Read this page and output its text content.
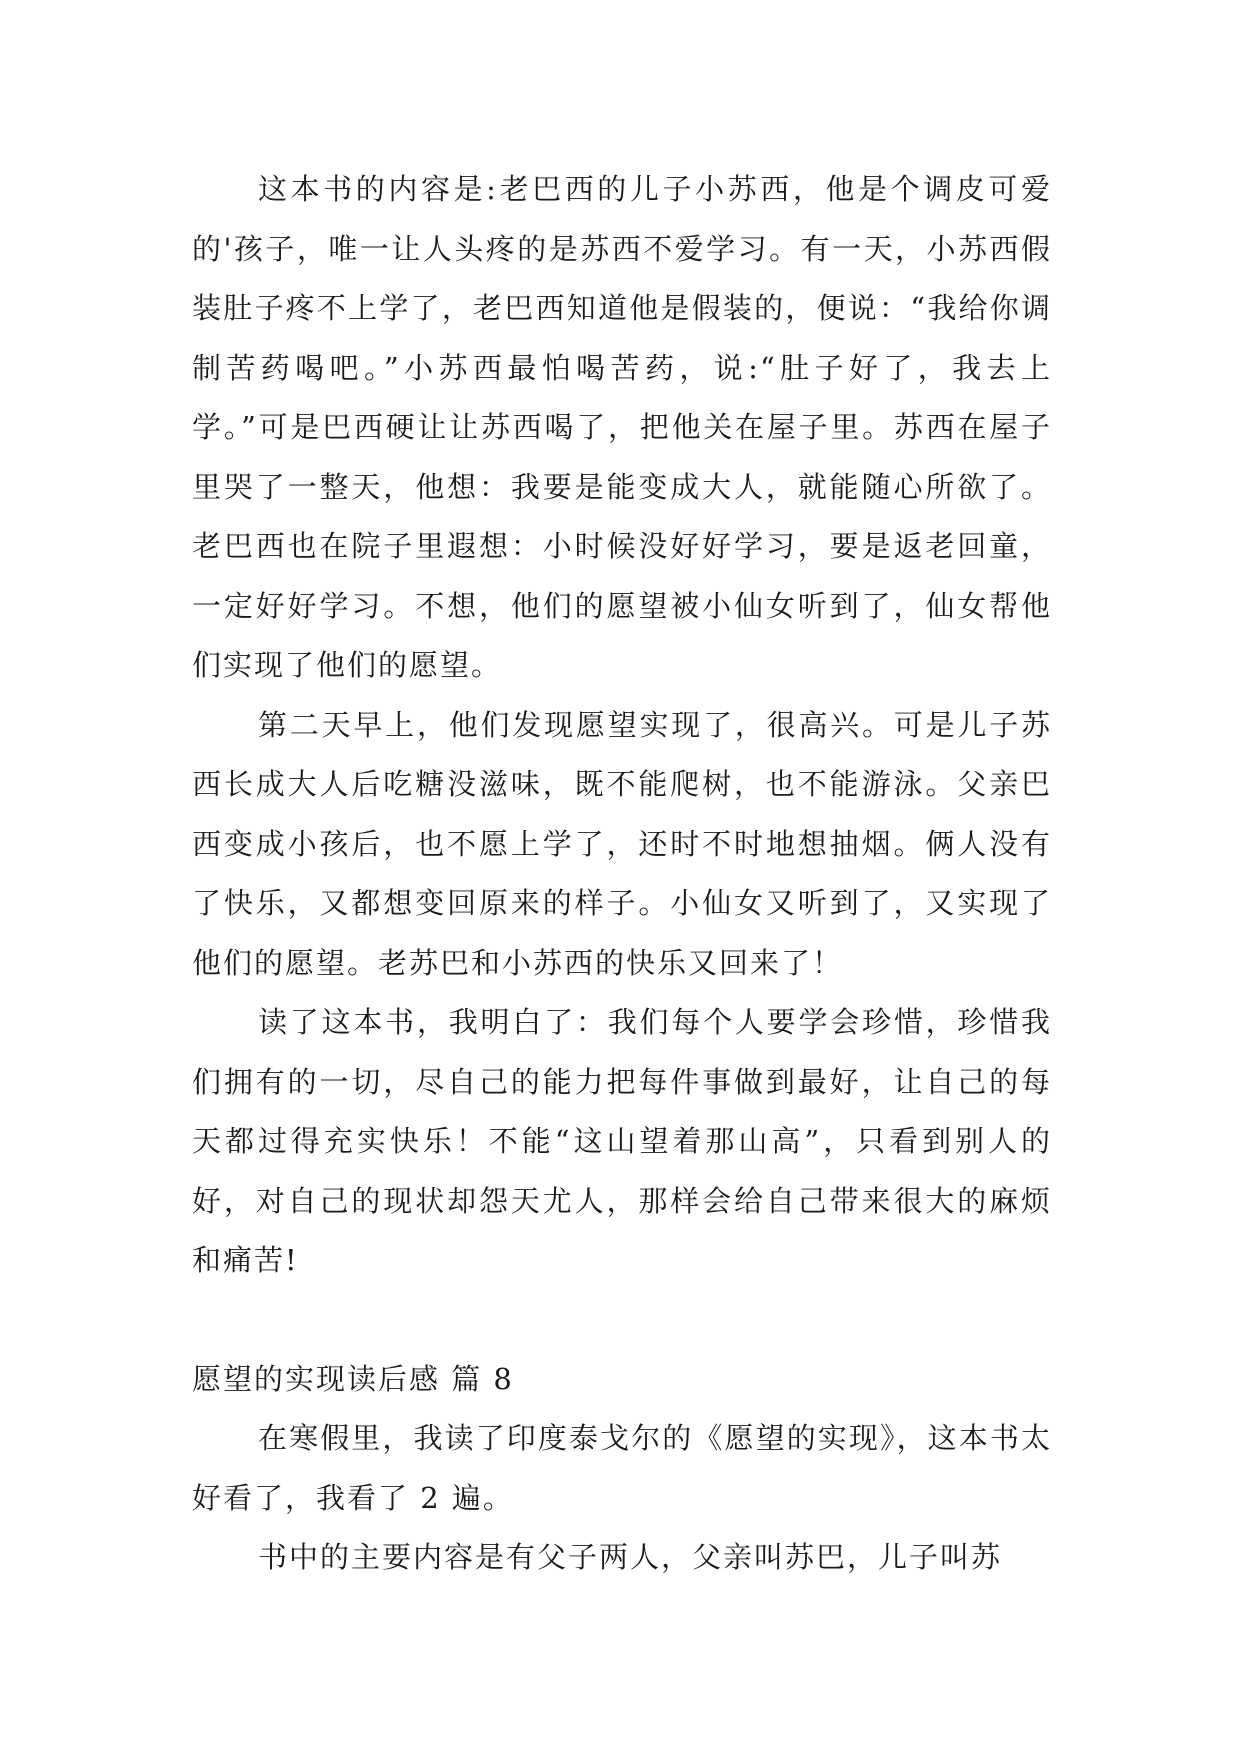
这本书的内容是:老巴西的儿子小苏西，他是个调皮可爱的'孩子，唯一让人头疼的是苏西不爱学习。有一天，小苏西假装肚子疼不上学了，老巴西知道他是假装的，便说：“我给你调制苦药喝吧。”小苏西最怕喝苦药，说:“肚子好了，我去上学。”可是巴西硬让让苏西喝了，把他关在屋子里。苏西在屋子里哭了一整天，他想：我要是能变成大人，就能随心所欲了。老巴西也在院子里遐想：小时候没好好学习，要是返老回童，一定好好学习。不想，他们的愿望被小仙女听到了，仙女帮他们实现了他们的愿望。

第二天早上，他们发现愿望实现了，很高兴。可是儿子苏西长成大人后吃糖没滋味，既不能爬树，也不能游泳。父亲巴西变成小孩后，也不愿上学了，还时不时地想抽烟。俩人没有了快乐，又都想变回原来的样子。小仙女又听到了，又实现了他们的愿望。老苏巴和小苏西的快乐又回来了！

读了这本书，我明白了：我们每个人要学会珍惜，珍惜我们拥有的一切，尽自己的能力把每件事做到最好，让自己的每天都过得充实快乐！不能“这山望着那山高”，只看到别人的好，对自己的现状却怨天尤人，那样会给自己带来很大的麻烦和痛苦!

愿望的实现读后感 篇 8

在寒假里，我读了印度泰戈尔的《愿望的实现》，这本书太好看了，我看了 2 遍。

书中的主要内容是有父子两人，父亲叫苏巴，儿子叫苏
